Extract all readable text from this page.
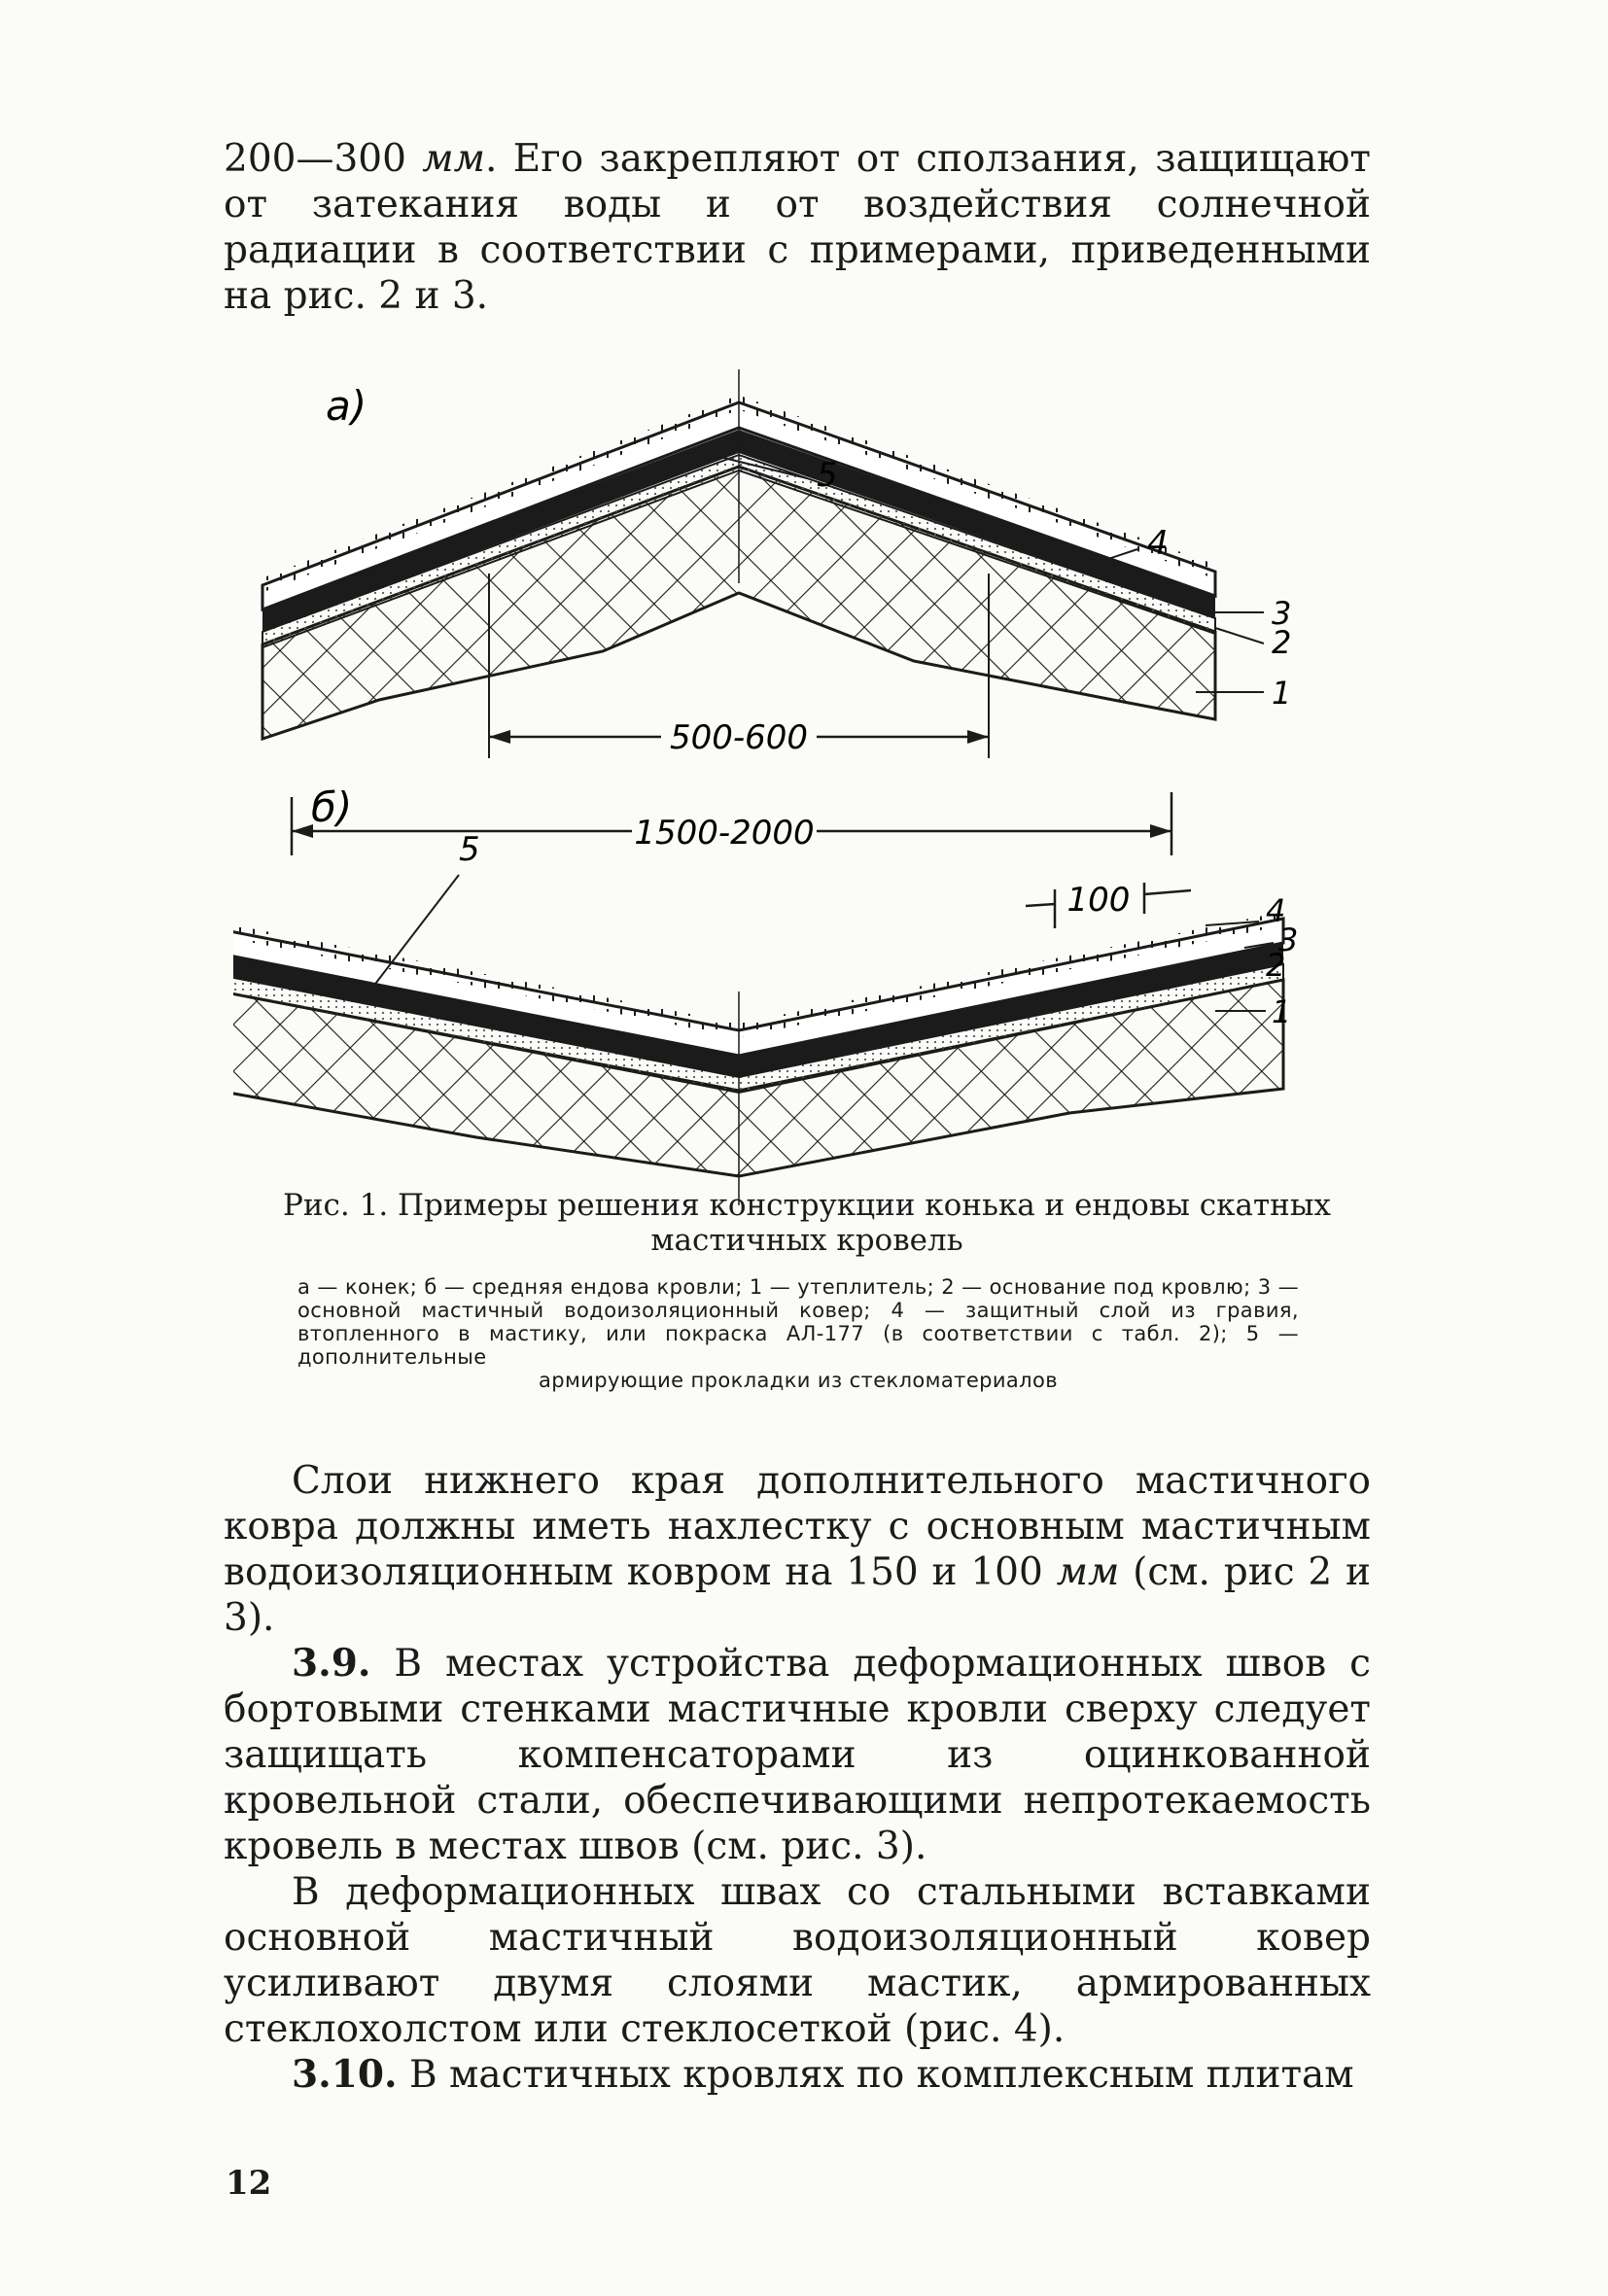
200—300 мм. Его закрепляют от сползания, защищают от затекания воды и от воздействия солнечной радиации в соответствии с примерами, приведенными на рис. 2 и 3.

а)
500-600
5
4
3
2
1
б)
1500-2000
100
5
4
3
2
1
Рис. 1. Примеры решения конструкции конька и ендовы скатных мастичных кровель
а — конек; б — средняя ендова кровли; 1 — утеплитель; 2 — основание под кровлю; 3 — основной мастичный водоизоляционный ковер; 4 — защитный слой из гравия, втопленного в мастику, или покраска АЛ-177 (в соответствии с табл. 2); 5 — дополнительные
армирующие прокладки из стекломатериалов

Слои нижнего края дополнительного мастичного ковра должны иметь нахлестку с основным мастичным водоизоляционным ковром на 150 и 100 мм (см. рис 2 и 3).

3.9. В местах устройства деформационных швов с бортовыми стенками мастичные кровли сверху следует защищать компенсаторами из оцинкованной кровельной стали, обеспечивающими непротекаемость кровель в местах швов (см. рис. 3).

В деформационных швах со стальными вставками основной мастичный водоизоляционный ковер усиливают двумя слоями мастик, армированных стеклохолстом или стеклосеткой (рис. 4).

3.10. В мастичных кровлях по комплексным плитам

12
